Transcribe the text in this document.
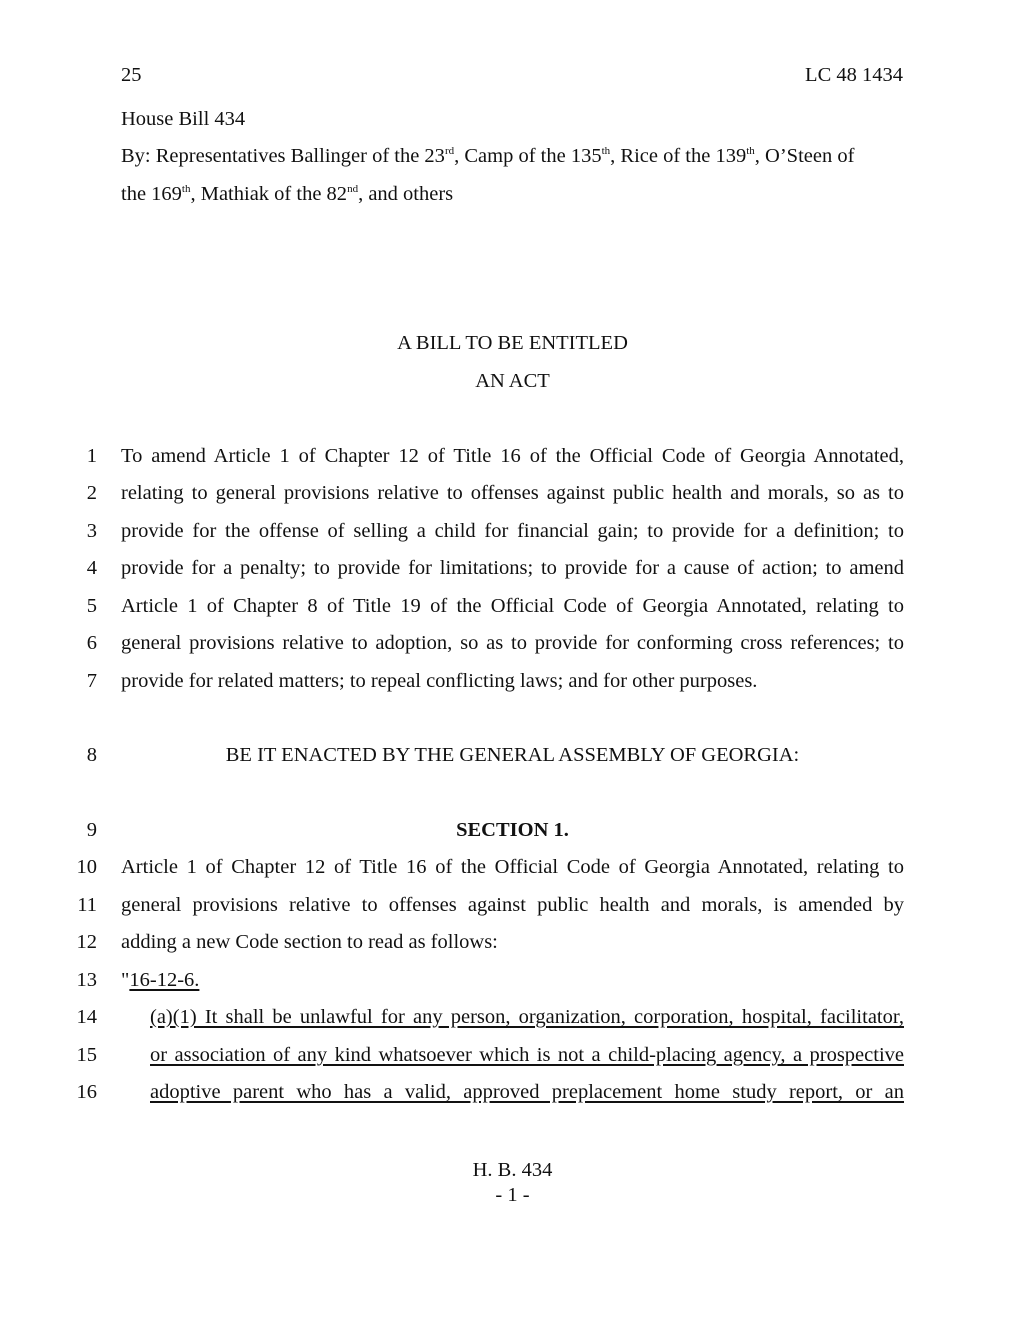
25	LC 48 1434
House Bill 434
By: Representatives Ballinger of the 23rd, Camp of the 135th, Rice of the 139th, O’Steen of
the 169th, Mathiak of the 82nd, and others
A BILL TO BE ENTITLED
AN ACT
1
2
3
4
5
6
7
8
9
10
11
12
13
14
15
16
To amend Article 1 of Chapter 12 of Title 16 of the Official Code of Georgia Annotated,
relating to general provisions relative to offenses against public health and morals, so as to
provide for the offense of selling a child for financial gain; to provide for a definition; to
provide for a penalty; to provide for limitations; to provide for a cause of action; to amend
Article 1 of Chapter 8 of Title 19 of the Official Code of Georgia Annotated, relating to
general provisions relative to adoption, so as to provide for conforming cross references; to
provide for related matters; to repeal conflicting laws; and for other purposes.
BE IT ENACTED BY THE GENERAL ASSEMBLY OF GEORGIA:
SECTION 1.
Article 1 of Chapter 12 of Title 16 of the Official Code of Georgia Annotated, relating to
general provisions relative to offenses against public health and morals, is amended by
adding a new Code section to read as follows:
"16-12-6.
(a)(1) It shall be unlawful for any person, organization, corporation, hospital, facilitator,
or association of any kind whatsoever which is not a child-placing agency, a prospective
adoptive parent who has a valid, approved preplacement home study report, or an
H. B. 434
- 1 -
